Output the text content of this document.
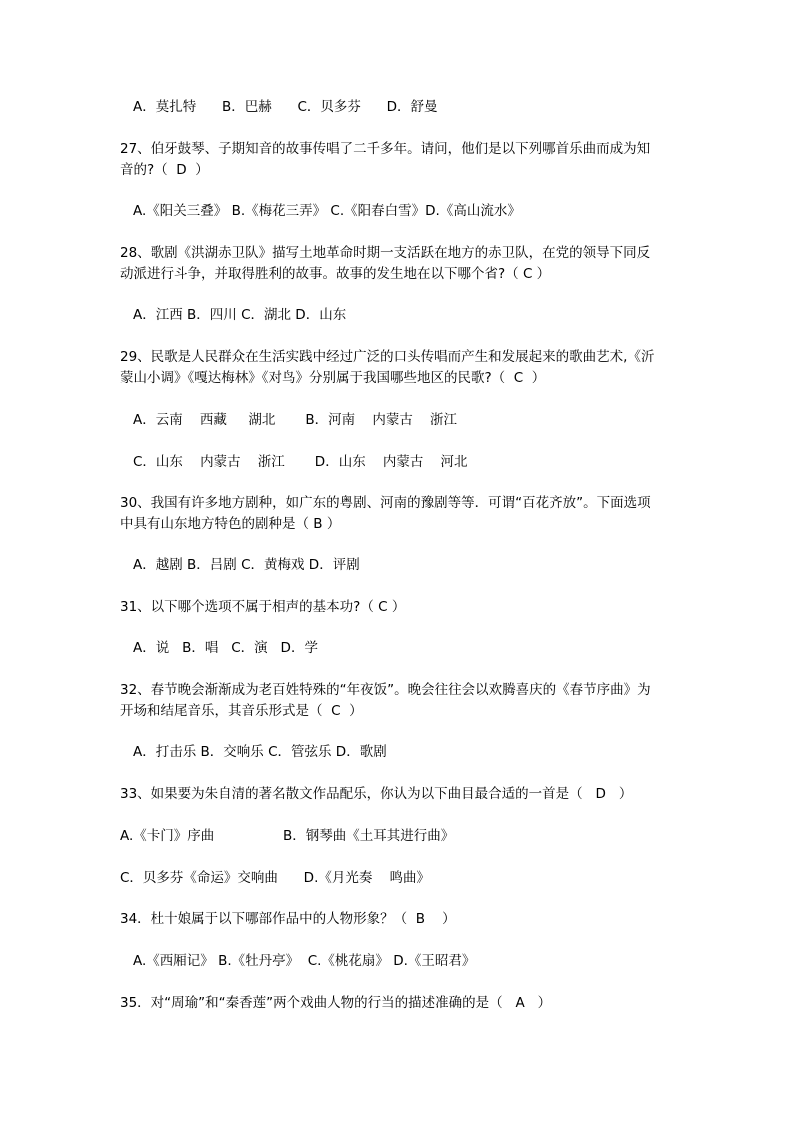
A．莫扎特      B．巴赫      C．贝多芬      D．舒曼
27、伯牙鼓琴、子期知音的故事传唱了二千多年。请问，他们是以下列哪首乐曲而成为知
音的?（  D  ）
A.《阳关三叠》 B.《梅花三弄》 C.《阳春白雪》D.《高山流水》
28、歌剧《洪湖赤卫队》描写土地革命时期一支活跃在地方的赤卫队，在党的领导下同反
动派进行斗争，并取得胜利的故事。故事的发生地在以下哪个省?（ C ）
A．江西 B．四川 C．湖北 D．山东
29、民歌是人民群众在生活实践中经过广泛的口头传唱而产生和发展起来的歌曲艺术,《沂
蒙山小调》《嘎达梅林》《对鸟》分别属于我国哪些地区的民歌?（  C  ）
A．云南    西藏     湖北       B．河南    内蒙古    浙江
C．山东    内蒙古    浙江       D．山东    内蒙古    河北
30、我国有许多地方剧种，如广东的粤剧、河南的豫剧等等．可谓“百花齐放”。下面选项
中具有山东地方特色的剧种是（ B ）
A．越剧 B．吕剧 C．黄梅戏 D．评剧
31、以下哪个选项不属于相声的基本功?（ C ）
A．说   B．唱   C．演   D．学
32、春节晚会渐渐成为老百姓特殊的“年夜饭”。晚会往往会以欢腾喜庆的《春节序曲》为
开场和结尾音乐，其音乐形式是（  C  ）
A．打击乐 B．交响乐 C．管弦乐 D．歌剧
33、如果要为朱自清的著名散文作品配乐，你认为以下曲目最合适的一首是（   D   ）
A.《卡门》序曲                B．钢琴曲《土耳其进行曲》
C．贝多芬《命运》交响曲      D.《月光奏    鸣曲》
34．杜十娘属于以下哪部作品中的人物形象？（  B    ）
A.《西厢记》 B.《牡丹亭》  C.《桃花扇》 D.《王昭君》
35．对“周瑜”和“秦香莲”两个戏曲人物的行当的描述准确的是（   A   ）
